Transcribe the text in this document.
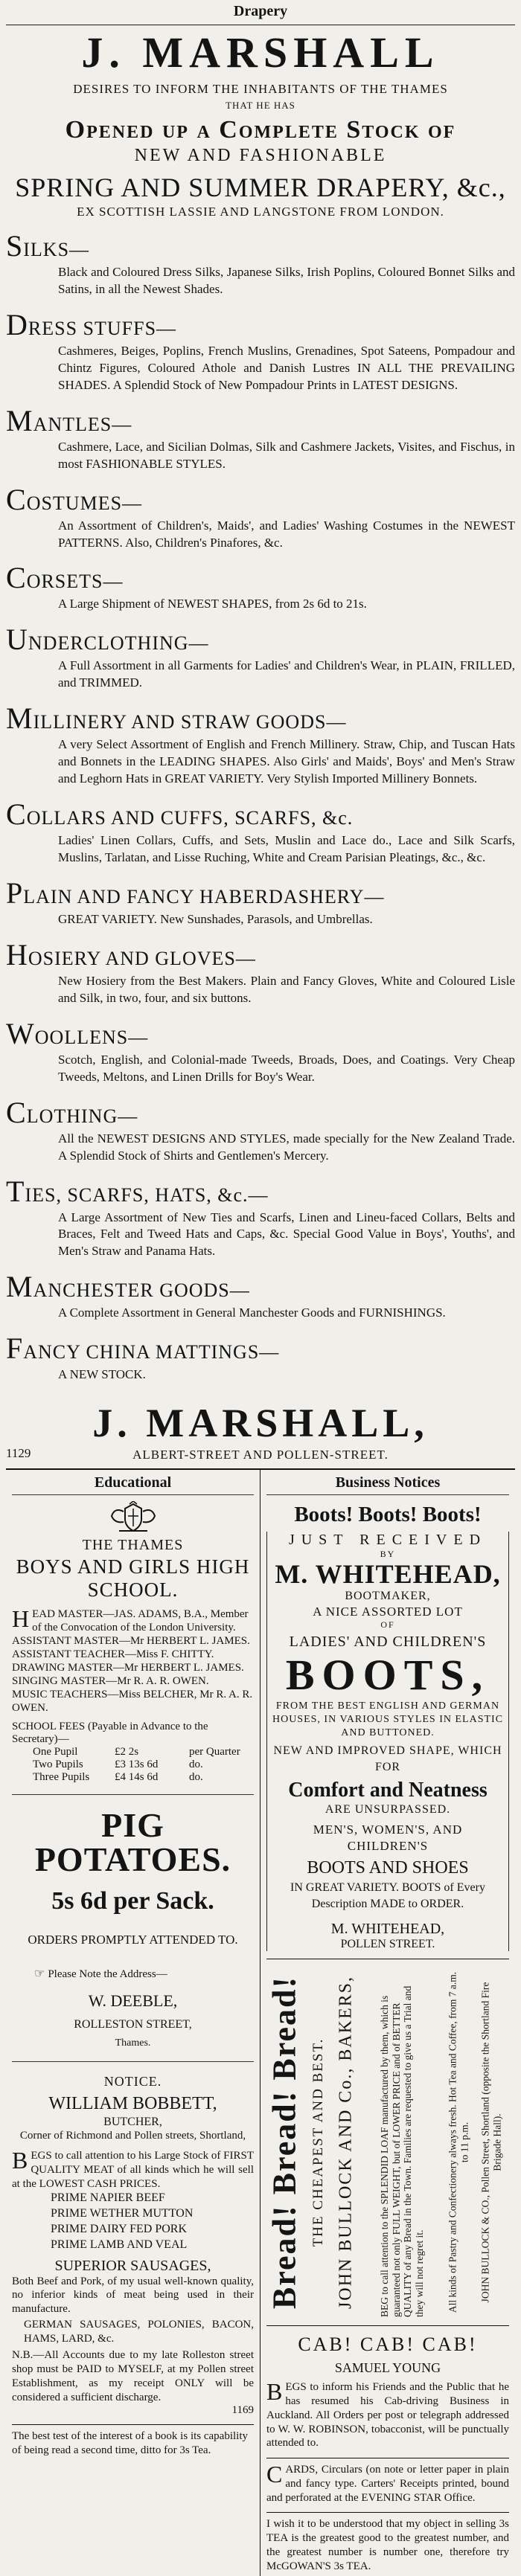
Drapery
J. MARSHALL
DESIRES TO INFORM THE INHABITANTS OF THE THAMES
THAT HE HAS
Opened up a Complete Stock of
NEW AND FASHIONABLE
SPRING AND SUMMER DRAPERY, &c.,
EX SCOTTISH LASSIE AND LANGSTONE FROM LONDON.
SILKS—
Black and Coloured Dress Silks, Japanese Silks, Irish Poplins, Coloured Bonnet Silks and Satins, in all the Newest Shades.
DRESS STUFFS—
Cashmeres, Beiges, Poplins, French Muslins, Grenadines, Spot Sateens, Pompadour and Chintz Figures, Coloured Athole and Danish Lustres IN ALL THE PREVAILING SHADES. A Splendid Stock of New Pompadour Prints in LATEST DESIGNS.
MANTLES—
Cashmere, Lace, and Sicilian Dolmas, Silk and Cashmere Jackets, Visites, and Fischus, in most FASHIONABLE STYLES.
COSTUMES—
An Assortment of Children's, Maids', and Ladies' Washing Costumes in the NEWEST PATTERNS. Also, Children's Pinafores, &c.
CORSETS—
A Large Shipment of NEWEST SHAPES, from 2s 6d to 21s.
UNDERCLOTHING—
A Full Assortment in all Garments for Ladies' and Children's Wear, in PLAIN, FRILLED, and TRIMMED.
MILLINERY AND STRAW GOODS—
A very Select Assortment of English and French Millinery. Straw, Chip, and Tuscan Hats and Bonnets in the LEADING SHAPES. Also Girls' and Maids', Boys' and Men's Straw and Leghorn Hats in GREAT VARIETY. Very Stylish Imported Millinery Bonnets.
COLLARS AND CUFFS, SCARFS, &c.
Ladies' Linen Collars, Cuffs, and Sets, Muslin and Lace do., Lace and Silk Scarfs, Muslins, Tarlatan, and Lisse Ruching, White and Cream Parisian Pleatings, &c., &c.
PLAIN AND FANCY HABERDASHERY—
GREAT VARIETY. New Sunshades, Parasols, and Umbrellas.
HOSIERY AND GLOVES—
New Hosiery from the Best Makers. Plain and Fancy Gloves, White and Coloured Lisle and Silk, in two, four, and six buttons.
WOOLLENS—
Scotch, English, and Colonial-made Tweeds, Broads, Does, and Coatings. Very Cheap Tweeds, Meltons, and Linen Drills for Boy's Wear.
CLOTHING—
All the NEWEST DESIGNS AND STYLES, made specially for the New Zealand Trade. A Splendid Stock of Shirts and Gentlemen's Mercery.
TIES, SCARFS, HATS, &c.—
A Large Assortment of New Ties and Scarfs, Linen and Lineu-faced Collars, Belts and Braces, Felt and Tweed Hats and Caps, &c. Special Good Value in Boys', Youths', and Men's Straw and Panama Hats.
MANCHESTER GOODS—
A Complete Assortment in General Manchester Goods and FURNISHINGS.
FANCY CHINA MATTINGS—
A NEW STOCK.
J. MARSHALL,
ALBERT-STREET AND POLLEN-STREET.
1129
Educational
THE THAMES
BOYS AND GIRLS HIGH
SCHOOL.
H EAD MASTER—JAS. ADAMS, B.A., Member of the Convocation of the London University.
ASSISTANT MASTER—Mr HERBERT L. JAMES.
ASSISTANT TEACHER—Miss F. CHITTY.
DRAWING MASTER—Mr HERBERT L. JAMES.
SINGING MASTER—Mr R. A. R. OWEN.
MUSIC TEACHERS—Miss BELCHER, Mr R. A. R. OWEN.
SCHOOL FEES (Payable in Advance to the Secretary)—
One Pupil	£2 2s	per Quarter
Two Pupils	£3 13s 6d	do.
Three Pupils	£4 14s 6d	do.
PIG POTATOES.
5s 6d per Sack.
ORDERS PROMPTLY ATTENDED TO.
☞ Please Note the Address—
W. DEEBLE,
ROLLESTON STREET,
Thames.
NOTICE.
WILLIAM BOBBETT,
BUTCHER,
Corner of Richmond and Pollen streets, Shortland,
BEGS to call attention to his Large Stock of FIRST QUALITY MEAT of all kinds which he will sell at the LOWEST CASH PRICES.
PRIME NAPIER BEEF
PRIME WETHER MUTTON
PRIME DAIRY FED PORK
PRIME LAMB AND VEAL
SUPERIOR SAUSAGES,
Both Beef and Pork, of my usual well-known quality, no inferior kinds of meat being used in their manufacture.
GERMAN SAUSAGES, POLONIES, BACON, HAMS, LARD, &c.
N.B.—All Accounts due to my late Rolleston street shop must be PAID to MYSELF, at my Pollen street Establishment, as my receipt ONLY will be considered a sufficient discharge.
1169
The best test of the interest of a book is its capability of being read a second time, ditto for 3s Tea.
Business Notices
Boots! Boots! Boots!
JUST RECEIVED
BY
M. WHITEHEAD,
BOOTMAKER,
A NICE ASSORTED LOT
OF
LADIES' AND CHILDREN'S
BOOTS,
FROM THE BEST ENGLISH AND GERMAN HOUSES, IN VARIOUS STYLES IN ELASTIC AND BUTTONED.
NEW AND IMPROVED SHAPE, WHICH FOR
Comfort and Neatness
ARE UNSURPASSED.
MEN'S, WOMEN'S, AND CHILDREN'S
BOOTS AND SHOES
IN GREAT VARIETY. BOOTS of Every Description MADE to ORDER.
M. WHITEHEAD,
POLLEN STREET.
Bread! Bread! Bread! THE CHEAPEST AND BEST. JOHN BULLOCK AND Co., BAKERS, BEG to call attention to the SPLENDID LOAF manufactured by them, which is guaranteed not only FULL WEIGHT, but of LOWER PRICE and of BETTER QUALITY of any Bread in the Town. Families are requested to give us a Trial and they will not regret it. All kinds of Pastry and Confectionery always fresh. Hot Tea and Coffee, from 7 a.m. to 11 p.m. JOHN BULLOCK & CO., Pollen Street, Shortland (opposite the Shortland Fire Brigade Hall).
CAB! CAB! CAB!
SAMUEL YOUNG
BEGS to inform his Friends and the Public that he has resumed his Cab-driving Business in Auckland. All Orders per post or telegraph addressed to W. W. ROBINSON, tobacconist, will be punctually attended to.
CARDS, Circulars (on note or letter paper in plain and fancy type. Carters' Receipts printed, bound and perforated at the EVENING STAR Office.
I wish it to be understood that my object in selling 3s TEA is the greatest good to the greatest number, and the greatest number is number one, therefore try McGOWAN'S 3s TEA.
